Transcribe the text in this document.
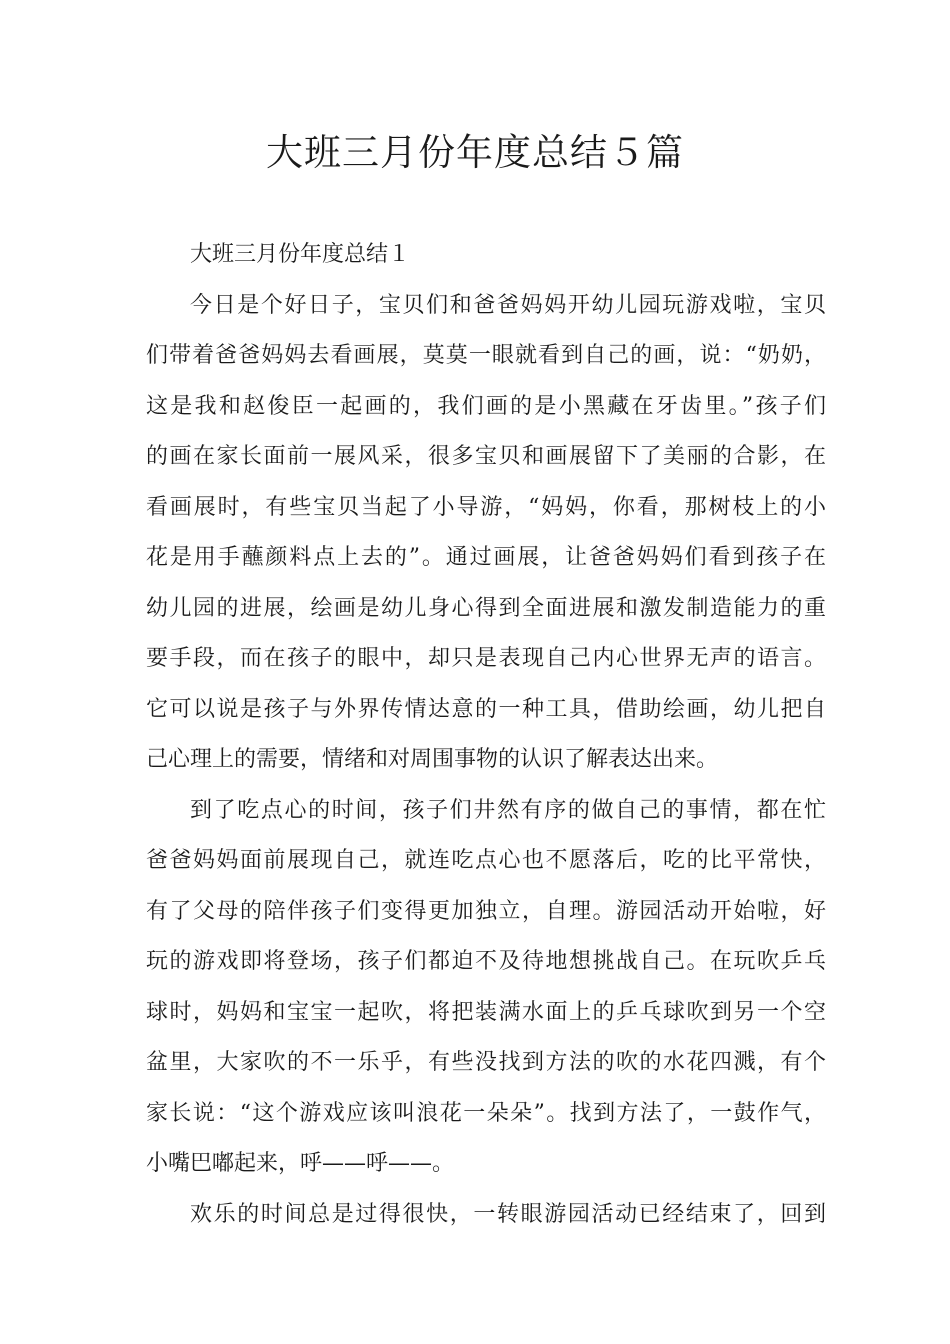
大班三月份年度总结５篇

大班三月份年度总结１

今日是个好日子，宝贝们和爸爸妈妈开幼儿园玩游戏啦，宝贝
们带着爸爸妈妈去看画展，莫莫一眼就看到自己的画，说：“奶奶，
这是我和赵俊臣一起画的，我们画的是小黑藏在牙齿里。”孩子们
的画在家长面前一展风采，很多宝贝和画展留下了美丽的合影，在
看画展时，有些宝贝当起了小导游，“妈妈，你看，那树枝上的小
花是用手蘸颜料点上去的”。通过画展，让爸爸妈妈们看到孩子在
幼儿园的进展，绘画是幼儿身心得到全面进展和激发制造能力的重
要手段，而在孩子的眼中，却只是表现自己内心世界无声的语言。
它可以说是孩子与外界传情达意的一种工具，借助绘画，幼儿把自
己心理上的需要，情绪和对周围事物的认识了解表达出来。

到了吃点心的时间，孩子们井然有序的做自己的事情，都在忙
爸爸妈妈面前展现自己，就连吃点心也不愿落后，吃的比平常快，
有了父母的陪伴孩子们变得更加独立，自理。游园活动开始啦，好
玩的游戏即将登场，孩子们都迫不及待地想挑战自己。在玩吹乒乓
球时，妈妈和宝宝一起吹，将把装满水面上的乒乓球吹到另一个空
盆里，大家吹的不一乐乎，有些没找到方法的吹的水花四溅，有个
家长说：“这个游戏应该叫浪花一朵朵”。找到方法了，一鼓作气，
小嘴巴嘟起来，呼——呼——。

欢乐的时间总是过得很快，一转眼游园活动已经结束了，回到
